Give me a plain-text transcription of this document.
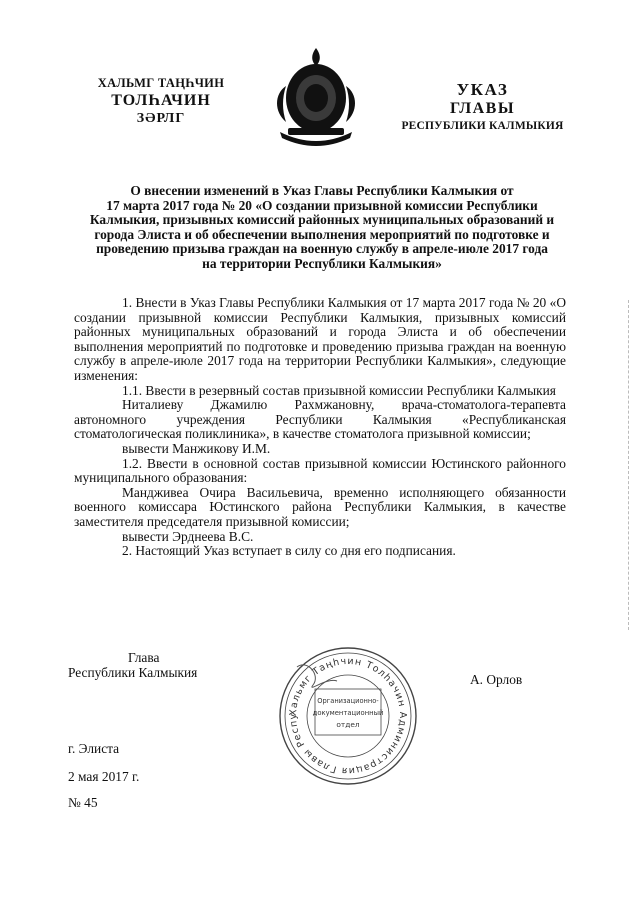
ХАЛЬМГ ТАҢҺЧИН
ТОЛҺАЧИН
ЗӘРЛГ
УКАЗ
ГЛАВЫ
РЕСПУБЛИКИ КАЛМЫКИЯ
О внесении изменений в Указ Главы Республики Калмыкия от
17 марта 2017 года № 20 «О создании призывной комиссии Республики
Калмыкия, призывных комиссий районных муниципальных образований и
города Элиста и об обеспечении выполнения мероприятий по подготовке и
проведению призыва граждан на военную службу в апреле-июле 2017 года
на территории Республики Калмыкия»

1. Внести в Указ Главы Республики Калмыкия от 17 марта 2017 года № 20 «О создании призывной комиссии Республики Калмыкия, призывных комиссий районных муниципальных образований и города Элиста и об обеспечении выполнения мероприятий по подготовке и проведению призыва граждан на военную службу в апреле-июле 2017 года на территории Республики Калмыкия», следующие изменения:

1.1. Ввести в резервный состав призывной комиссии Республики Калмыкия

Ниталиеву Джамилю Рахмжановну, врача-стоматолога-терапевта автономного учреждения Республики Калмыкия «Республиканская стоматологическая поликлиника», в качестве стоматолога призывной комиссии;

вывести Манжикову И.М.

1.2. Ввести в основной состав призывной комиссии Юстинского районного муниципального образования:

Мандживеа Очира Васильевича, временно исполняющего обязанности военного комиссара Юстинского района Республики Калмыкия, в качестве заместителя председателя призывной комиссии;

вывести Эрднеева В.С.

2. Настоящий Указ вступает в силу со дня его подписания.

Глава
Республики Калмыкия
Хальмг Таңһчин Толһачин Администрация Главы Респу
Организационно-
документационный
отдел
А. Орлов
г. Элиста
2 мая 2017 г.
№ 45
